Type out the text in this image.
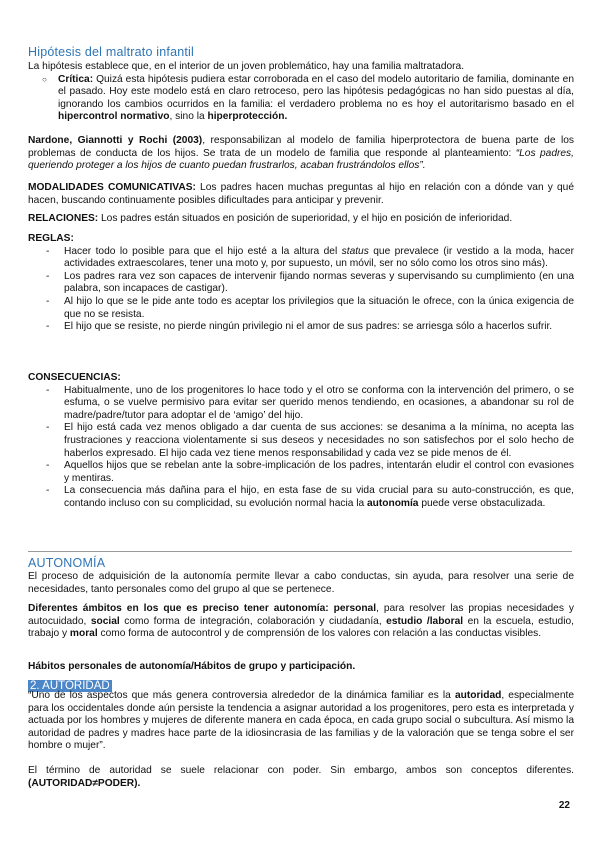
Hipótesis del maltrato infantil

La hipótesis establece que, en el interior de un joven problemático, hay una familia maltratadora.

○ Crítica: Quizá esta hipótesis pudiera estar corroborada en el caso del modelo autoritario de familia, dominante en el pasado. Hoy este modelo está en claro retroceso, pero las hipótesis pedagógicas no han sido puestas al día, ignorando los cambios ocurridos en la familia: el verdadero problema no es hoy el autoritarismo basado en el hipercontrol normativo, sino la hiperprotección.

Nardone, Giannotti y Rochi (2003), responsabilizan al modelo de familia hiperprotectora de buena parte de los problemas de conducta de los hijos. Se trata de un modelo de familia que responde al planteamiento: “Los padres, queriendo proteger a los hijos de cuanto puedan frustrarlos, acaban frustrándolos ellos”.

MODALIDADES COMUNICATIVAS: Los padres hacen muchas preguntas al hijo en relación con a dónde van y qué hacen, buscando continuamente posibles dificultades para anticipar y prevenir.

RELACIONES: Los padres están situados en posición de superioridad, y el hijo en posición de inferioridad.

REGLAS:

- Hacer todo lo posible para que el hijo esté a la altura del status que prevalece (ir vestido a la moda, hacer actividades extraescolares, tener una moto y, por supuesto, un móvil, ser no sólo como los otros sino más).
- Los padres rara vez son capaces de intervenir fijando normas severas y supervisando su cumplimiento (en una palabra, son incapaces de castigar).
- Al hijo lo que se le pide ante todo es aceptar los privilegios que la situación le ofrece, con la única exigencia de que no se resista.
- El hijo que se resiste, no pierde ningún privilegio ni el amor de sus padres: se arriesga sólo a hacerlos sufrir.

CONSECUENCIAS:

- Habitualmente, uno de los progenitores lo hace todo y el otro se conforma con la intervención del primero, o se esfuma, o se vuelve permisivo para evitar ser querido menos tendiendo, en ocasiones, a abandonar su rol de madre/padre/tutor para adoptar el de ‘amigo’ del hijo.
- El hijo está cada vez menos obligado a dar cuenta de sus acciones: se desanima a la mínima, no acepta las frustraciones y reacciona violentamente si sus deseos y necesidades no son satisfechos por el solo hecho de haberlos expresado. El hijo cada vez tiene menos responsabilidad y cada vez se pide menos de él.
- Aquellos hijos que se rebelan ante la sobre-implicación de los padres, intentarán eludir el control con evasiones y mentiras.
- La consecuencia más dañina para el hijo, en esta fase de su vida crucial para su auto-construcción, es que, contando incluso con su complicidad, su evolución normal hacia la autonomía puede verse obstaculizada.
AUTONOMÍA

El proceso de adquisición de la autonomía permite llevar a cabo conductas, sin ayuda, para resolver una serie de necesidades, tanto personales como del grupo al que se pertenece.

Diferentes ámbitos en los que es preciso tener autonomía: personal, para resolver las propias necesidades y autocuidado, social como forma de integración, colaboración y ciudadanía, estudio /laboral en la escuela, estudio, trabajo y moral como forma de autocontrol y de comprensión de los valores con relación a las conductas visibles.

Hábitos personales de autonomía/Hábitos de grupo y participación.

2. AUTORIDAD

“Uno de los aspectos que más genera controversia alrededor de la dinámica familiar es la autoridad, especialmente para los occidentales donde aún persiste la tendencia a asignar autoridad a los progenitores, pero esta es interpretada y actuada por los hombres y mujeres de diferente manera en cada época, en cada grupo social o subcultura. Así mismo la autoridad de padres y madres hace parte de la idiosincrasia de las familias y de la valoración que se tenga sobre el ser hombre o mujer”.

El término de autoridad se suele relacionar con poder. Sin embargo, ambos son conceptos diferentes. (AUTORIDAD≠PODER).

22
